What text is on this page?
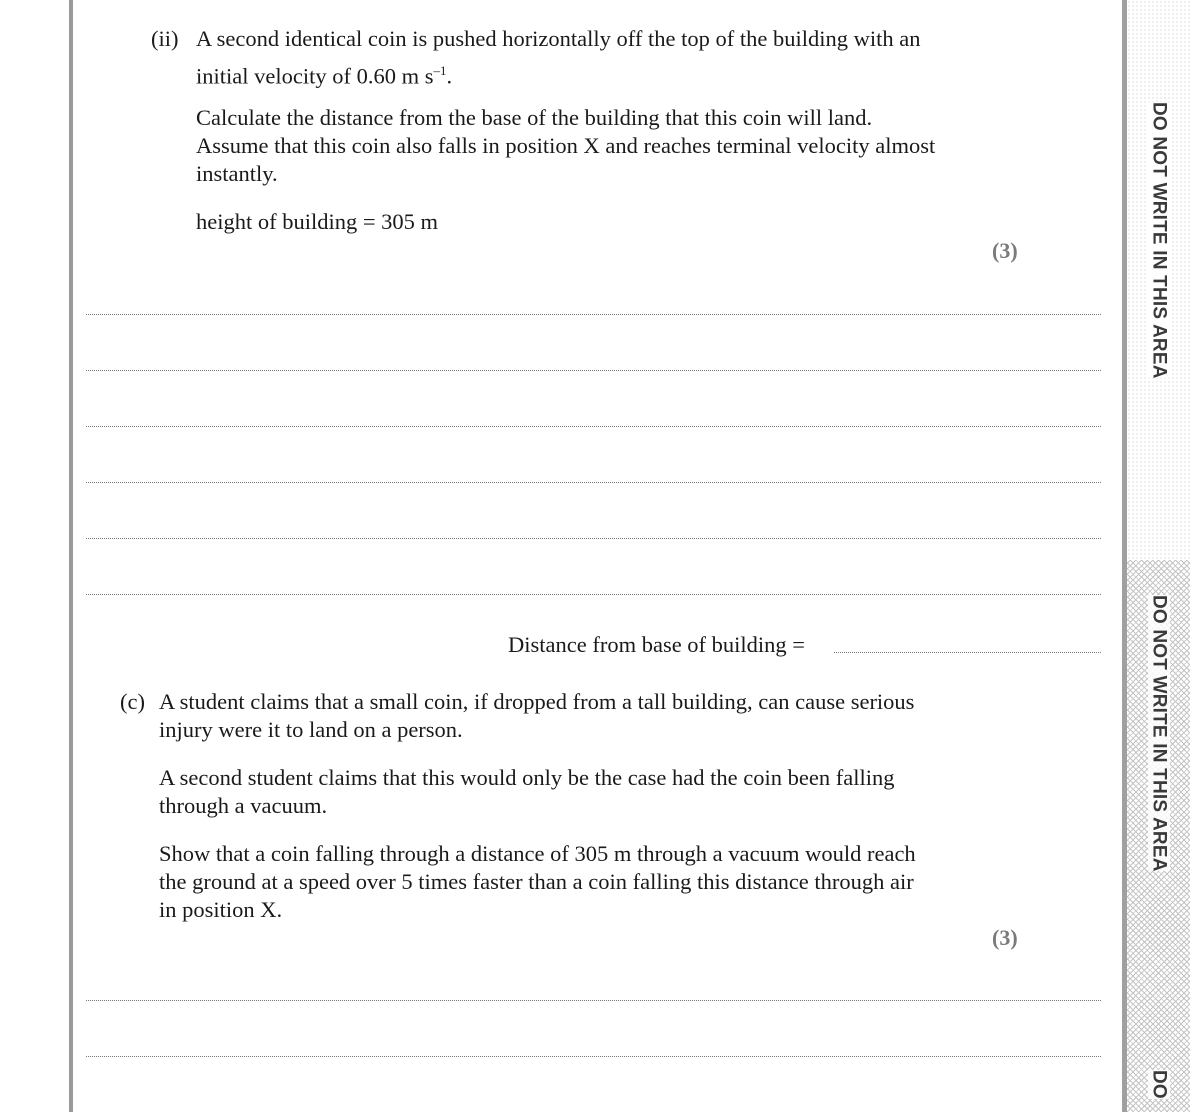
DO NOT WRITE IN THIS AREA
DO NOT WRITE IN THIS AREA
DO
(ii) A second identical coin is pushed horizontally off the top of the building with an

initial velocity of 0.60 m $s^{-1}$.

Calculate the distance from the base of the building that this coin will land.

Assume that this coin also falls in position X and reaches terminal velocity almost

instantly.

height of building = 305 m

(3)

Distance from base of building =

(c) A student claims that a small coin, if dropped from a tall building, can cause serious

injury were it to land on a person.

A second student claims that this would only be the case had the coin been falling

through a vacuum.

Show that a coin falling through a distance of 305 m through a vacuum would reach

the ground at a speed over 5 times faster than a coin falling this distance through air

in position X.

(3)
